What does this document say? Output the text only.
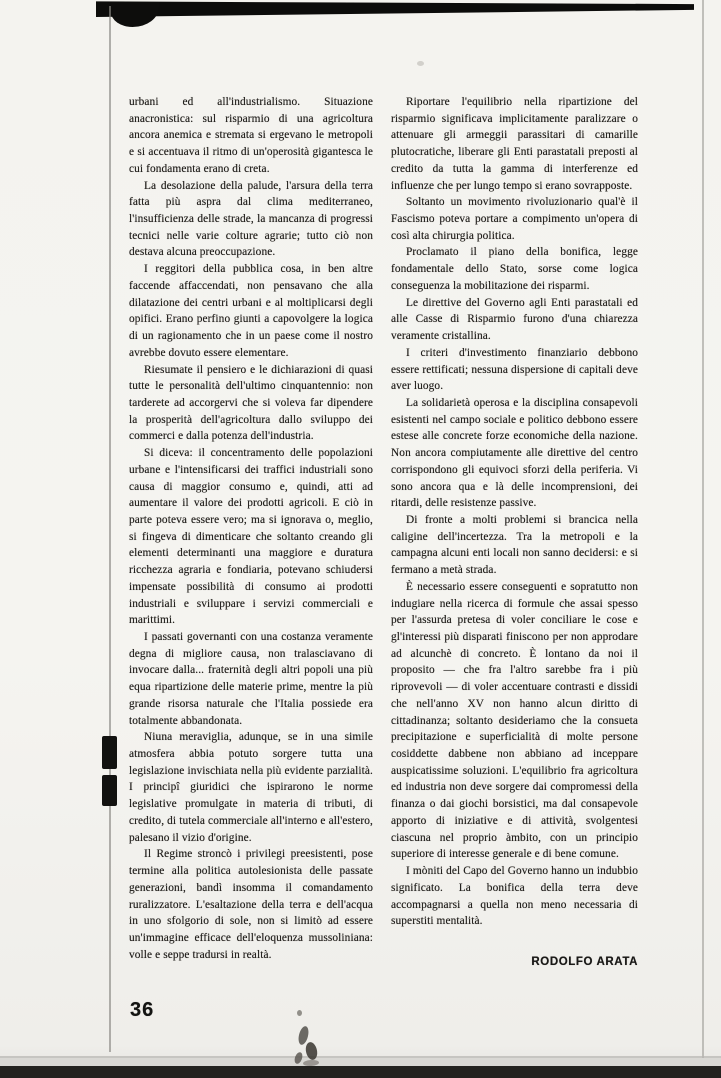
urbani ed all'industrialismo. Situazione anacronistica: sul risparmio di una agricoltura ancora anemica e stremata si ergevano le metropoli e si accentuava il ritmo di un'operosità gigantesca le cui fondamenta erano di creta.

La desolazione della palude, l'arsura della terra fatta più aspra dal clima mediterraneo, l'insufficienza delle strade, la mancanza di progressi tecnici nelle varie colture agrarie; tutto ciò non destava alcuna preoccupazione.

I reggitori della pubblica cosa, in ben altre faccende affaccendati, non pensavano che alla dilatazione dei centri urbani e al moltiplicarsi degli opifici. Erano perfino giunti a capovolgere la logica di un ragionamento che in un paese come il nostro avrebbe dovuto essere elementare.

Riesumate il pensiero e le dichiarazioni di quasi tutte le personalità dell'ultimo cinquantennio: non tarderete ad accorgervi che si voleva far dipendere la prosperità dell'agricoltura dallo sviluppo dei commerci e dalla potenza dell'industria.

Si diceva: il concentramento delle popolazioni urbane e l'intensificarsi dei traffici industriali sono causa di maggior consumo e, quindi, atti ad aumentare il valore dei prodotti agricoli. E ciò in parte poteva essere vero; ma si ignorava o, meglio, si fingeva di dimenticare che soltanto creando gli elementi determinanti una maggiore e duratura ricchezza agraria e fondiaria, potevano schiudersi impensate possibilità di consumo ai prodotti industriali e sviluppare i servizi commerciali e marittimi.

I passati governanti con una costanza veramente degna di migliore causa, non tralasciavano di invocare dalla... fraternità degli altri popoli una più equa ripartizione delle materie prime, mentre la più grande risorsa naturale che l'Italia possiede era totalmente abbandonata.

Niuna meraviglia, adunque, se in una simile atmosfera abbia potuto sorgere tutta una legislazione invischiata nella più evidente parzialità. I principî giuridici che ispirarono le norme legislative promulgate in materia di tributi, di credito, di tutela commerciale all'interno e all'estero, palesano il vizio d'origine.

Il Regime stroncò i privilegi preesistenti, pose termine alla politica autolesionista delle passate generazioni, bandì insomma il comandamento ruralizzatore. L'esaltazione della terra e dell'acqua in uno sfolgorio di sole, non si limitò ad essere un'immagine efficace dell'eloquenza mussoliniana: volle e seppe tradursi in realtà.

Riportare l'equilibrio nella ripartizione del risparmio significava implicitamente paralizzare o attenuare gli armeggii parassitari di camarille plutocratiche, liberare gli Enti parastatali preposti al credito da tutta la gamma di interferenze ed influenze che per lungo tempo si erano sovrapposte.

Soltanto un movimento rivoluzionario qual'è il Fascismo poteva portare a compimento un'opera di così alta chirurgia politica.

Proclamato il piano della bonifica, legge fondamentale dello Stato, sorse come logica conseguenza la mobilitazione dei risparmi.

Le direttive del Governo agli Enti parastatali ed alle Casse di Risparmio furono d'una chiarezza veramente cristallina.

I criteri d'investimento finanziario debbono essere rettificati; nessuna dispersione di capitali deve aver luogo.

La solidarietà operosa e la disciplina consapevoli esistenti nel campo sociale e politico debbono essere estese alle concrete forze economiche della nazione. Non ancora compiutamente alle direttive del centro corrispondono gli equivoci sforzi della periferia. Vi sono ancora qua e là delle incomprensioni, dei ritardi, delle resistenze passive.

Di fronte a molti problemi si brancica nella caligine dell'incertezza. Tra la metropoli e la campagna alcuni enti locali non sanno decidersi: e si fermano a metà strada.

È necessario essere conseguenti e sopratutto non indugiare nella ricerca di formule che assai spesso per l'assurda pretesa di voler conciliare le cose e gl'interessi più disparati finiscono per non approdare ad alcunchè di concreto. È lontano da noi il proposito — che fra l'altro sarebbe fra i più riprovevoli — di voler accentuare contrasti e dissidi che nell'anno XV non hanno alcun diritto di cittadinanza; soltanto desideriamo che la consueta precipitazione e superficialità di molte persone cosiddette dabbene non abbiano ad inceppare auspicatissime soluzioni. L'equilibrio fra agricoltura ed industria non deve sorgere dai compromessi della finanza o dai giochi borsistici, ma dal consapevole apporto di iniziative e di attività, svolgentesi ciascuna nel proprio àmbito, con un principio superiore di interesse generale e di bene comune.

I mòniti del Capo del Governo hanno un indubbio significato. La bonifica della terra deve accompagnarsi a quella non meno necessaria di superstiti mentalità.

RODOLFO ARATA
36
